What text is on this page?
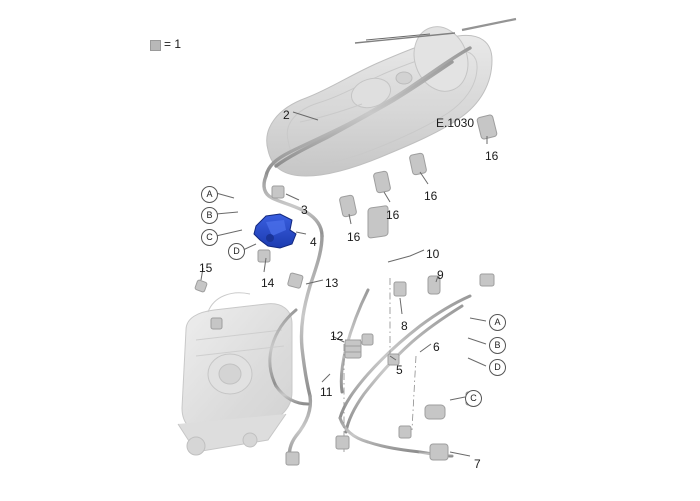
= 1
E.1030
2
16
16
16
16
3
4
14
15
13
12
11
10
9
8
6
5
7
A
B
C
D
A
B
D
C
